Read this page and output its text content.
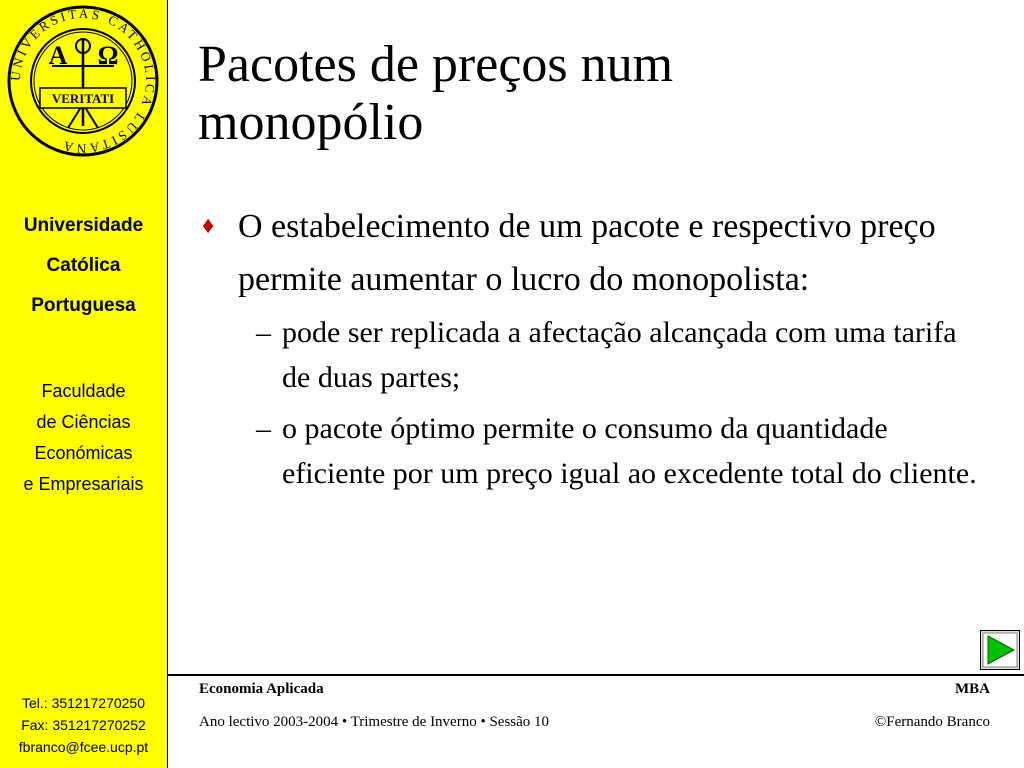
UNIVERSITAS CATHOLICA LUSITANA
A Ω
VERITATI
Universidade
Católica
Portuguesa
Faculdade
de Ciências
Económicas
e Empresariais
Tel.: 351217270250
Fax: 351217270252
fbranco@fcee.ucp.pt
Pacotes de preços num
monopólio

♦ O estabelecimento de um pacote e respectivo preço permite aumentar o lucro do monopolista:

– pode ser replicada a afectação alcançada com uma tarifa de duas partes;

– o pacote óptimo permite o consumo da quantidade eficiente por um preço igual ao excedente total do cliente.

Economia Aplicada	MBA
Ano lectivo 2003-2004 • Trimestre de Inverno • Sessão 10	©Fernando Branco
